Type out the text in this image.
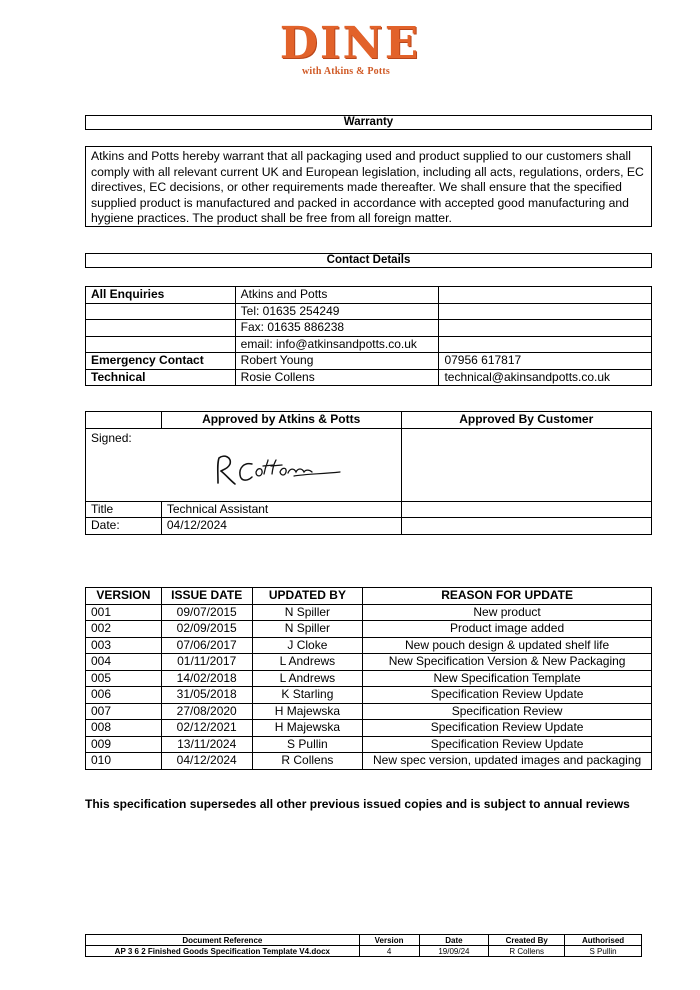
DINE
with Atkins & Potts
Warranty
Atkins and Potts hereby warrant that all packaging used and product supplied to our customers shall comply with all relevant current UK and European legislation, including all acts, regulations, orders, EC directives, EC decisions, or other requirements made thereafter. We shall ensure that the specified supplied product is manufactured and packed in accordance with accepted good manufacturing and hygiene practices. The product shall be free from all foreign matter.
Contact Details
All Enquiries	Atkins and Potts	
	Tel: 01635 254249	
	Fax: 01635 886238	
	email: info@atkinsandpotts.co.uk	
Emergency Contact	Robert Young	07956 617817
Technical	Rosie Collens	technical@akinsandpotts.co.uk
	Approved by Atkins & Potts	Approved By Customer
Signed:		
Title	Technical Assistant	
Date:	04/12/2024	
VERSION	ISSUE DATE	UPDATED BY	REASON FOR UPDATE
001	09/07/2015	N Spiller	New product
002	02/09/2015	N Spiller	Product image added
003	07/06/2017	J Cloke	New pouch design & updated shelf life
004	01/11/2017	L Andrews	New Specification Version & New Packaging
005	14/02/2018	L Andrews	New Specification Template
006	31/05/2018	K Starling	Specification Review Update
007	27/08/2020	H Majewska	Specification Review
008	02/12/2021	H Majewska	Specification Review Update
009	13/11/2024	S Pullin	Specification Review Update
010	04/12/2024	R Collens	New spec version, updated images and packaging
This specification supersedes all other previous issued copies and is subject to annual reviews
Document Reference	Version	Date	Created By	Authorised
AP 3 6 2 Finished Goods Specification Template V4.docx	4	19/09/24	R Collens	S Pullin
